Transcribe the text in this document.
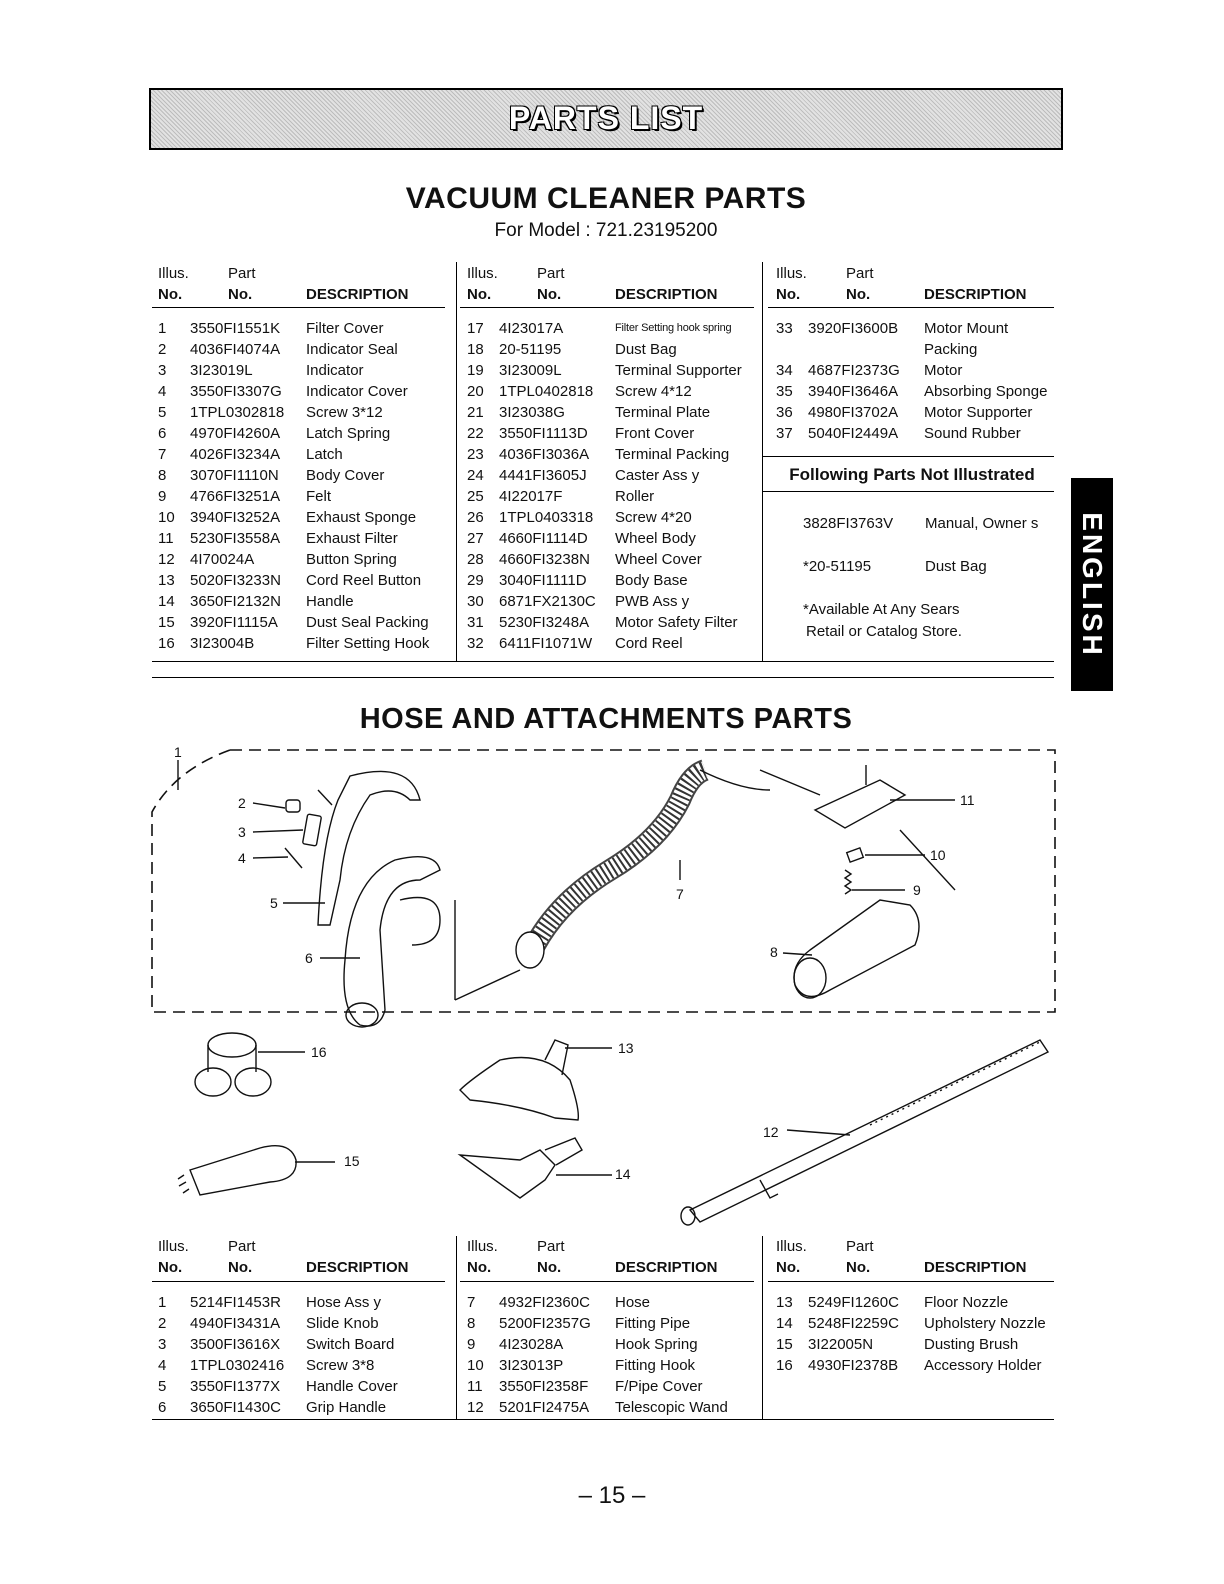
PARTS LIST
VACUUM CLEANER PARTS
For Model : 721.23195200
Illus.	Part
No.	No.	DESCRIPTION
Illus.	Part
No.	No.	DESCRIPTION
Illus.	Part
No.	No.	DESCRIPTION
1	3550FI1551K	Filter Cover
2	4036FI4074A	Indicator Seal
3	3I23019L	Indicator
4	3550FI3307G	Indicator Cover
5	1TPL0302818	Screw 3*12
6	4970FI4260A	Latch Spring
7	4026FI3234A	Latch
8	3070FI1110N	Body Cover
9	4766FI3251A	Felt
10	3940FI3252A	Exhaust Sponge
11	5230FI3558A	Exhaust Filter
12	4I70024A	Button Spring
13	5020FI3233N	Cord Reel Button
14	3650FI2132N	Handle
15	3920FI1115A	Dust Seal Packing
16	3I23004B	Filter Setting Hook
17	4I23017A	Filter Setting hook spring
18	20-51195	Dust Bag
19	3I23009L	Terminal Supporter
20	1TPL0402818	Screw 4*12
21	3I23038G	Terminal Plate
22	3550FI1113D	Front Cover
23	4036FI3036A	Terminal Packing
24	4441FI3605J	Caster Ass y
25	4I22017F	Roller
26	1TPL0403318	Screw 4*20
27	4660FI1114D	Wheel Body
28	4660FI3238N	Wheel Cover
29	3040FI1111D	Body Base
30	6871FX2130C	PWB Ass y
31	5230FI3248A	Motor Safety Filter
32	6411FI1071W	Cord Reel
33	3920FI3600B	Motor Mount
		Packing
34	4687FI2373G	Motor
35	3940FI3646A	Absorbing Sponge
36	4980FI3702A	Motor Supporter
37	5040FI2449A	Sound Rubber
Following Parts Not Illustrated
3828FI3763V Manual, Owner s
*20-51195	Dust Bag
*Available At Any Sears
Retail or Catalog Store.
HOSE AND ATTACHMENTS PARTS
1
2
3
4
5
6
7
8
9
10
11
12
13
14
15
16
Illus.	Part
No.	No.	DESCRIPTION
Illus.	Part
No.	No.	DESCRIPTION
Illus.	Part
No.	No.	DESCRIPTION
1	5214FI1453R	Hose Ass y
2	4940FI3431A	Slide Knob
3	3500FI3616X	Switch Board
4	1TPL0302416	Screw 3*8
5	3550FI1377X	Handle Cover
6	3650FI1430C	Grip Handle
7	4932FI2360C	Hose
8	5200FI2357G	Fitting Pipe
9	4I23028A	Hook Spring
10	3I23013P	Fitting Hook
11	3550FI2358F	F/Pipe Cover
12	5201FI2475A	Telescopic Wand
13	5249FI1260C	Floor Nozzle
14	5248FI2259C	Upholstery Nozzle
15	3I22005N	Dusting Brush
16	4930FI2378B	Accessory Holder
ENGLISH
– 15 –
